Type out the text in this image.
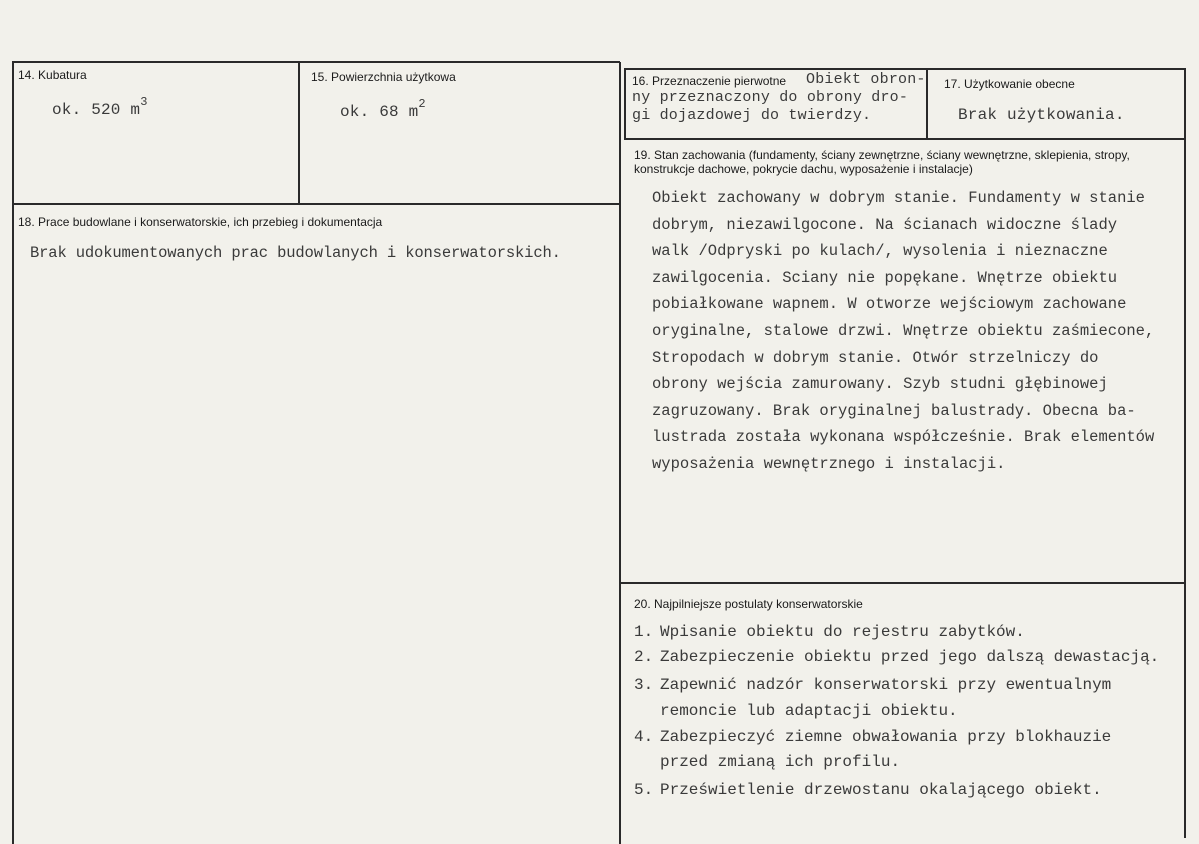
14. Kubatura
ok. 520 $m^3$
15. Powierzchnia użytkowa
ok. 68 $m^2$
16. Przeznaczenie pierwotne Obiekt obron-
ny przeznaczony do obrony dro-
gi dojazdowej do twierdzy.
17. Użytkowanie obecne
Brak użytkowania.
18. Prace budowlane i konserwatorskie, ich przebieg i dokumentacja
Brak udokumentowanych prac budowlanych i konserwatorskich.
19. Stan zachowania (fundamenty, ściany zewnętrzne, ściany wewnętrzne, sklepienia, stropy, konstrukcje dachowe, pokrycie dachu, wyposażenie i instalacje)
Obiekt zachowany w dobrym stanie. Fundamenty w stanie
dobrym, niezawilgocone. Na ścianach widoczne ślady
walk /Odpryski po kulach/, wysolenia i nieznaczne
zawilgocenia. Sciany nie popękane. Wnętrze obiektu
pobiałkowane wapnem. W otworze wejściowym zachowane
oryginalne, stalowe drzwi. Wnętrze obiektu zaśmiecone,
Stropodach w dobrym stanie. Otwór strzelniczy do
obrony wejścia zamurowany. Szyb studni głębinowej
zagruzowany. Brak oryginalnej balustrady. Obecna ba-
lustrada została wykonana współcześnie. Brak elementów
wyposażenia wewnętrznego i instalacji.
20. Najpilniejsze postulaty konserwatorskie
1. Wpisanie obiektu do rejestru zabytków.
2. Zabezpieczenie obiektu przed jego dalszą dewastacją.
3. Zapewnić nadzór konserwatorski przy ewentualnym
remoncie lub adaptacji obiektu.
4. Zabezpieczyć ziemne obwałowania przy blokhauzie
przed zmianą ich profilu.
5. Prześwietlenie drzewostanu okalającego obiekt.
